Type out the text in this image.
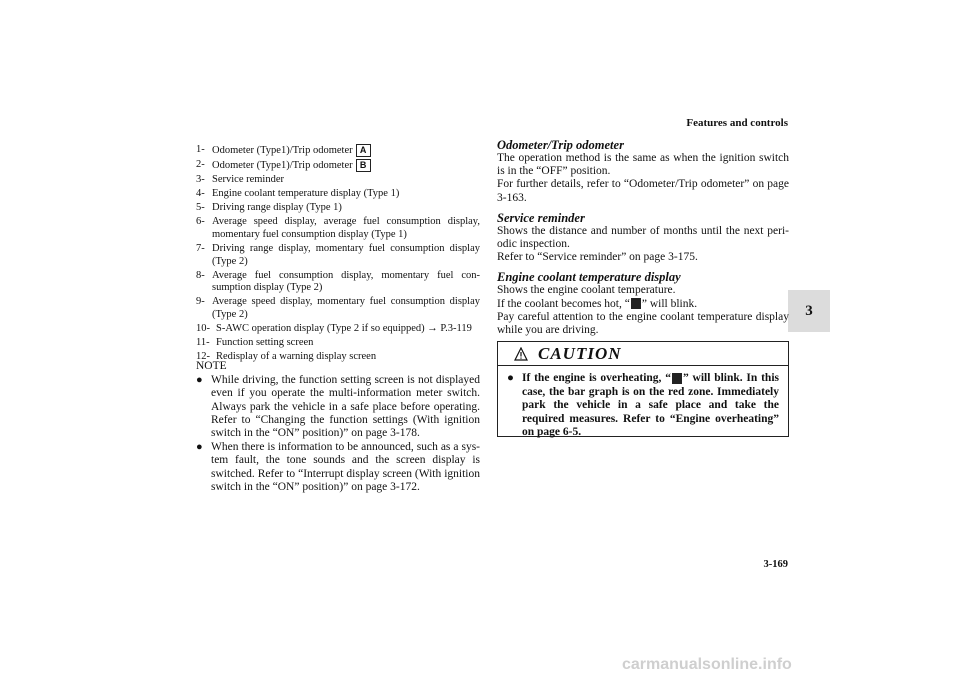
Features and controls
3
3-169
1- Odometer (Type1)/Trip odometer A
2- Odometer (Type1)/Trip odometer B
3- Service reminder
4- Engine coolant temperature display (Type 1)
5- Driving range display (Type 1)
6- Average speed display, average fuel consumption display, momentary fuel consumption display (Type 1)
7- Driving range display, momentary fuel consumption display (Type 2)
8- Average fuel consumption display, momentary fuel con-sumption display (Type 2)
9- Average speed display, momentary fuel consumption display (Type 2)
10- S-AWC operation display (Type 2 if so equipped) → P.3-119
11- Function setting screen
12- Redisplay of a warning display screen
NOTE
● While driving, the function setting screen is not displayed even if you operate the multi-information meter switch. Always park the vehicle in a safe place before operating. Refer to “Changing the function settings (With ignition switch in the “ON” position)” on page 3-178.
● When there is information to be announced, such as a sys-tem fault, the tone sounds and the screen display is switched. Refer to “Interrupt display screen (With ignition switch in the “ON” position)” on page 3-172.
Odometer/Trip odometer
The operation method is the same as when the ignition switch is in the “OFF” position.
For further details, refer to “Odometer/Trip odometer” on page 3-163.
Service reminder
Shows the distance and number of months until the next peri-odic inspection.
Refer to “Service reminder” on page 3-175.
Engine coolant temperature display
Shows the engine coolant temperature.
If the coolant becomes hot, “ ” will blink.
Pay careful attention to the engine coolant temperature display while you are driving.
CAUTION
● If the engine is overheating, “ ” will blink. In this case, the bar graph is on the red zone. Immediately park the vehicle in a safe place and take the required measures. Refer to “Engine overheating” on page 6-5.
carmanualsonline.info
